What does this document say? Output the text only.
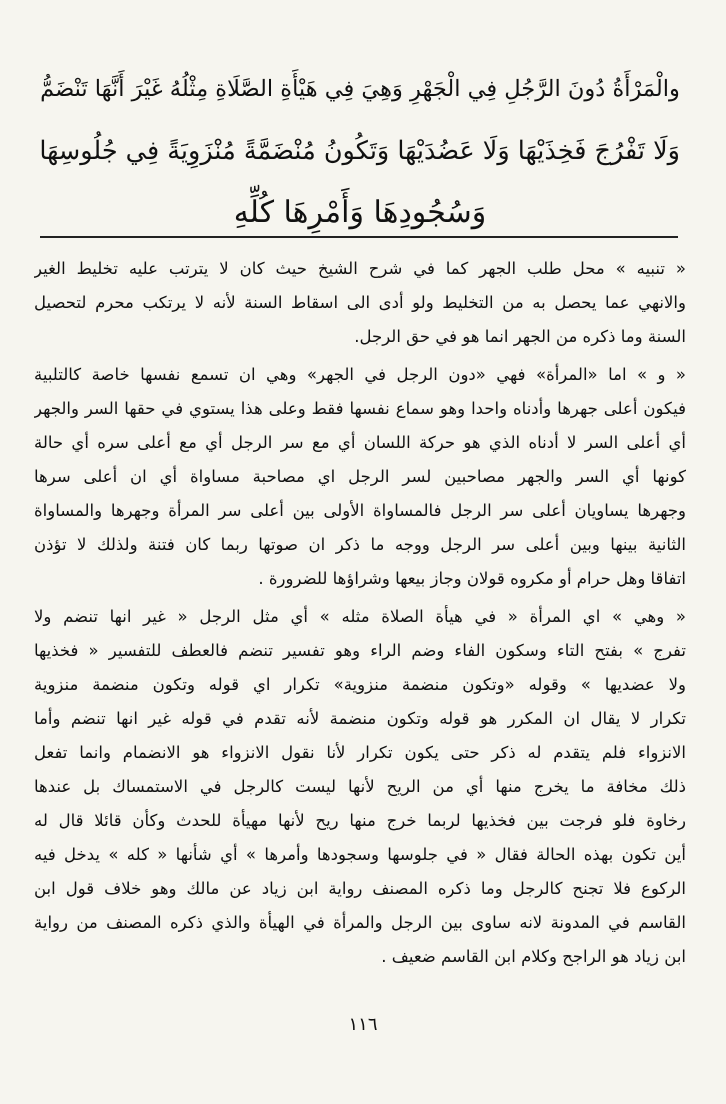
والْمَرْأَةُ دُونَ الرَّجُلِ فِي الْجَهْرِ وَهِيَ فِي هَيْأَةِ الصَّلَاةِ مِثْلُهُ غَيْرَ أَنَّهَا تَنْضَمُّ

وَلَا تَفْرُجَ فَخِذَيْهَا وَلَا عَضُدَيْهَا وَتَكُونُ مُنْضَمَّةً مُنْزَوِيَةً فِي جُلُوسِهَا

وَسُجُودِهَا وَأَمْرِهَا كُلِّهِ

« تنبيه » محل طلب الجهر كما في شرح الشيخ حيث كان لا يترتب عليه تخليط الغير
والانهي عما يحصل به من التخليط ولو أدى الى اسقاط السنة لأنه لا يرتكب محرم لتحصيل
السنة وما ذكره من الجهر انما هو في حق الرجل.
« و » اما «المرأة» فهي «دون الرجل في الجهر» وهي ان تسمع نفسها خاصة كالتلبية
فيكون أعلى جهرها وأدناه واحدا وهو سماع نفسها فقط وعلى هذا يستوي في حقها السر والجهر
أي أعلى السر لا أدناه الذي هو حركة اللسان أي مع سر الرجل أي مع أعلى سره أي حالة
كونها أي السر والجهر مصاحبين لسر الرجل اي مصاحبة مساواة أي ان أعلى سرها
وجهرها يساويان أعلى سر الرجل فالمساواة الأولى بين أعلى سر المرأة وجهرها والمساواة
الثانية بينها وبين أعلى سر الرجل ووجه ما ذكر ان صوتها ربما كان فتنة ولذلك لا تؤذن
اتفاقا وهل حرام أو مكروه قولان وجاز بيعها وشراؤها للضرورة .
« وهي » اي المرأة « في هيأة الصلاة مثله » أي مثل الرجل « غير انها تنضم ولا
تفرج » بفتح التاء وسكون الفاء وضم الراء وهو تفسير تنضم فالعطف للتفسير « فخذيها
ولا عضديها » وقوله «وتكون منضمة منزوية» تكرار اي قوله وتكون منضمة منزوية
تكرار لا يقال ان المكرر هو قوله وتكون منضمة لأنه تقدم في قوله غير انها تنضم وأما
الانزواء فلم يتقدم له ذكر حتى يكون تكرار لأنا نقول الانزواء هو الانضمام وانما تفعل
ذلك مخافة ما يخرج منها أي من الريح لأنها ليست كالرجل في الاستمساك بل عندها
رخاوة فلو فرجت بين فخذيها لربما خرج منها ريح لأنها مهيأة للحدث وكأن قائلا قال له
أين تكون بهذه الحالة فقال « في جلوسها وسجودها وأمرها » أي شأنها « كله » يدخل فيه
الركوع فلا تجنح كالرجل وما ذكره المصنف رواية ابن زياد عن مالك وهو خلاف قول ابن
القاسم في المدونة لانه ساوى بين الرجل والمرأة في الهيأة والذي ذكره المصنف من رواية
ابن زياد هو الراجح وكلام ابن القاسم ضعيف .
١١٦
